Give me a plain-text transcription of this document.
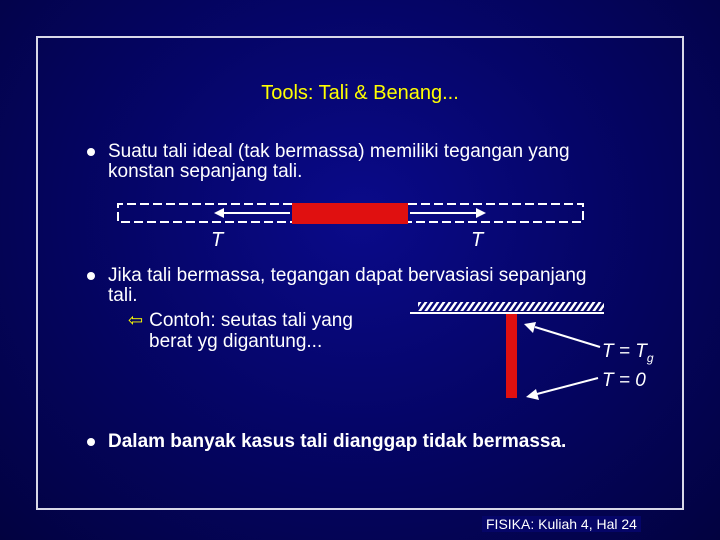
Tools: Tali & Benang...
Suatu tali ideal (tak bermassa) memiliki tegangan yang
konstan sepanjang tali.
T	T
Jika tali bermassa, tegangan dapat bervasiasi sepanjang
tali.
⇦ Contoh: seutas tali yang
berat yg digantung...	$T = T_g$
T = 0
Dalam banyak kasus tali dianggap tidak bermassa.
FISIKA: Kuliah 4, Hal 24
